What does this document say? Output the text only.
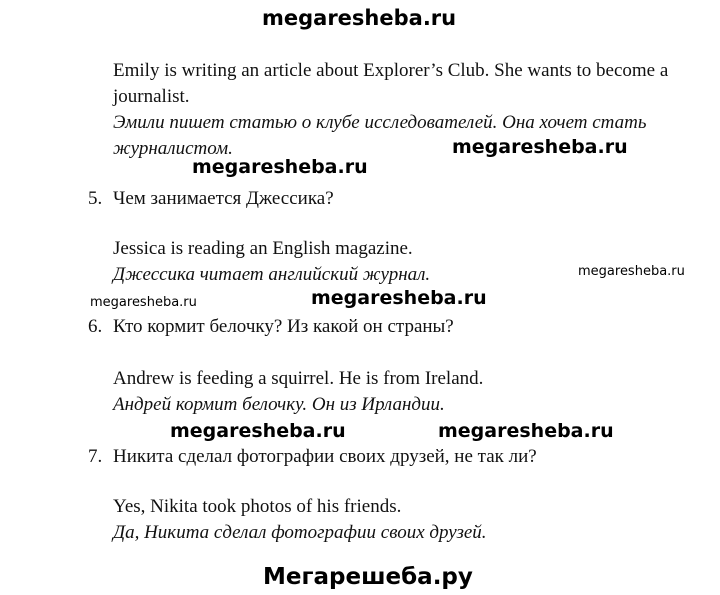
megaresheba.ru
Emily is writing an article about Explorer’s Club. She wants to become a
journalist.
Эмили пишет статью о клубе исследователей. Она хочет стать
журналистом.
megaresheba.ru
megaresheba.ru
5. Чем занимается Джессика?
Jessica is reading an English magazine.
Джессика читает английский журнал.	megaresheba.ru
megaresheba.ru	megaresheba.ru
6. Кто кормит белочку? Из какой он страны?
Andrew is feeding a squirrel. He is from Ireland.
Андрей кормит белочку. Он из Ирландии.
megaresheba.ru	megaresheba.ru
7. Никита сделал фотографии своих друзей, не так ли?
Yes, Nikita took photos of his friends.
Да, Никита сделал фотографии своих друзей.
Мегарешеба.ру
